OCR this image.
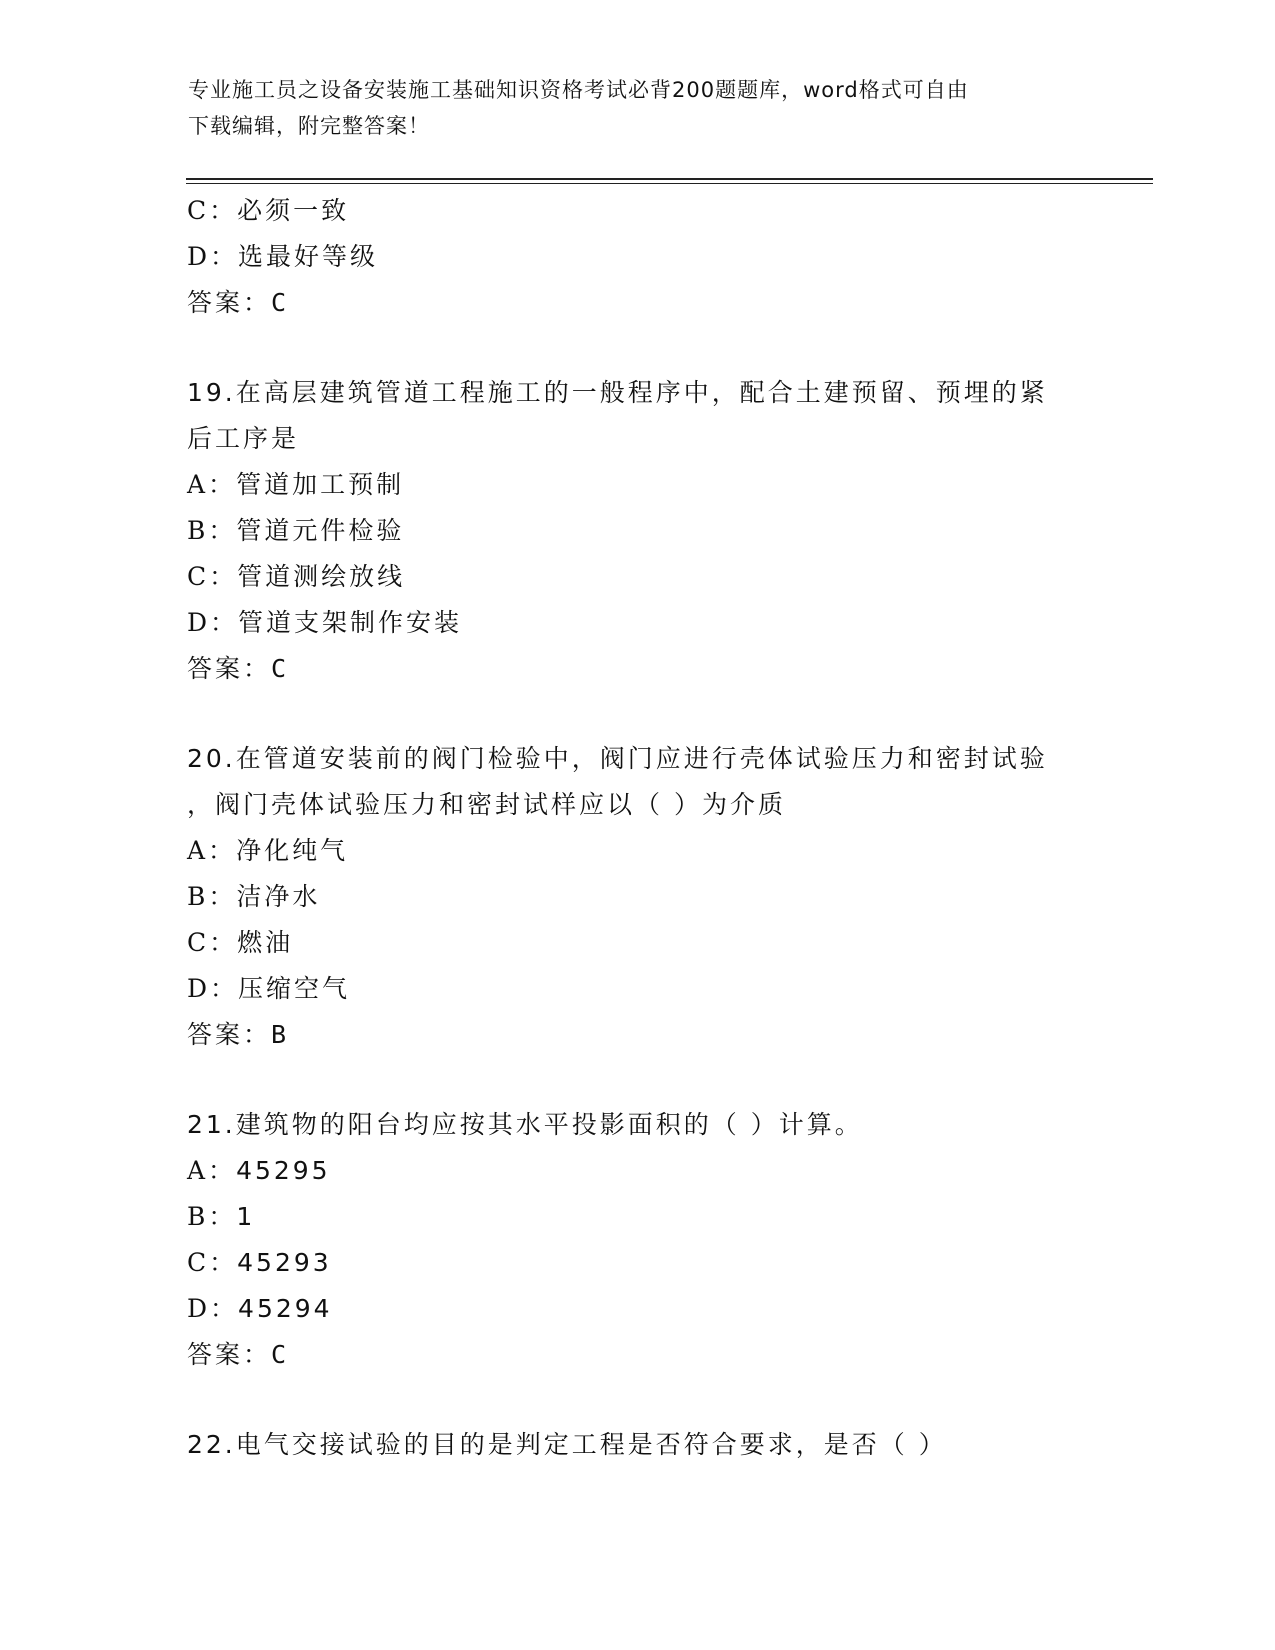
专业施工员之设备安装施工基础知识资格考试必背200题题库，word格式可自由
下载编辑，附完整答案！
C：必须一致
D：选最好等级
答案：C
19.在高层建筑管道工程施工的一般程序中，配合土建预留、预埋的紧
后工序是
A：管道加工预制
B：管道元件检验
C：管道测绘放线
D：管道支架制作安装
答案：C
20.在管道安装前的阀门检验中，阀门应进行壳体试验压力和密封试验
，阀门壳体试验压力和密封试样应以（ ）为介质
A：净化纯气
B：洁净水
C：燃油
D：压缩空气
答案：B
21.建筑物的阳台均应按其水平投影面积的（ ）计算。
A：45295
B：1
C：45293
D：45294
答案：C
22.电气交接试验的目的是判定工程是否符合要求，是否（ ）
